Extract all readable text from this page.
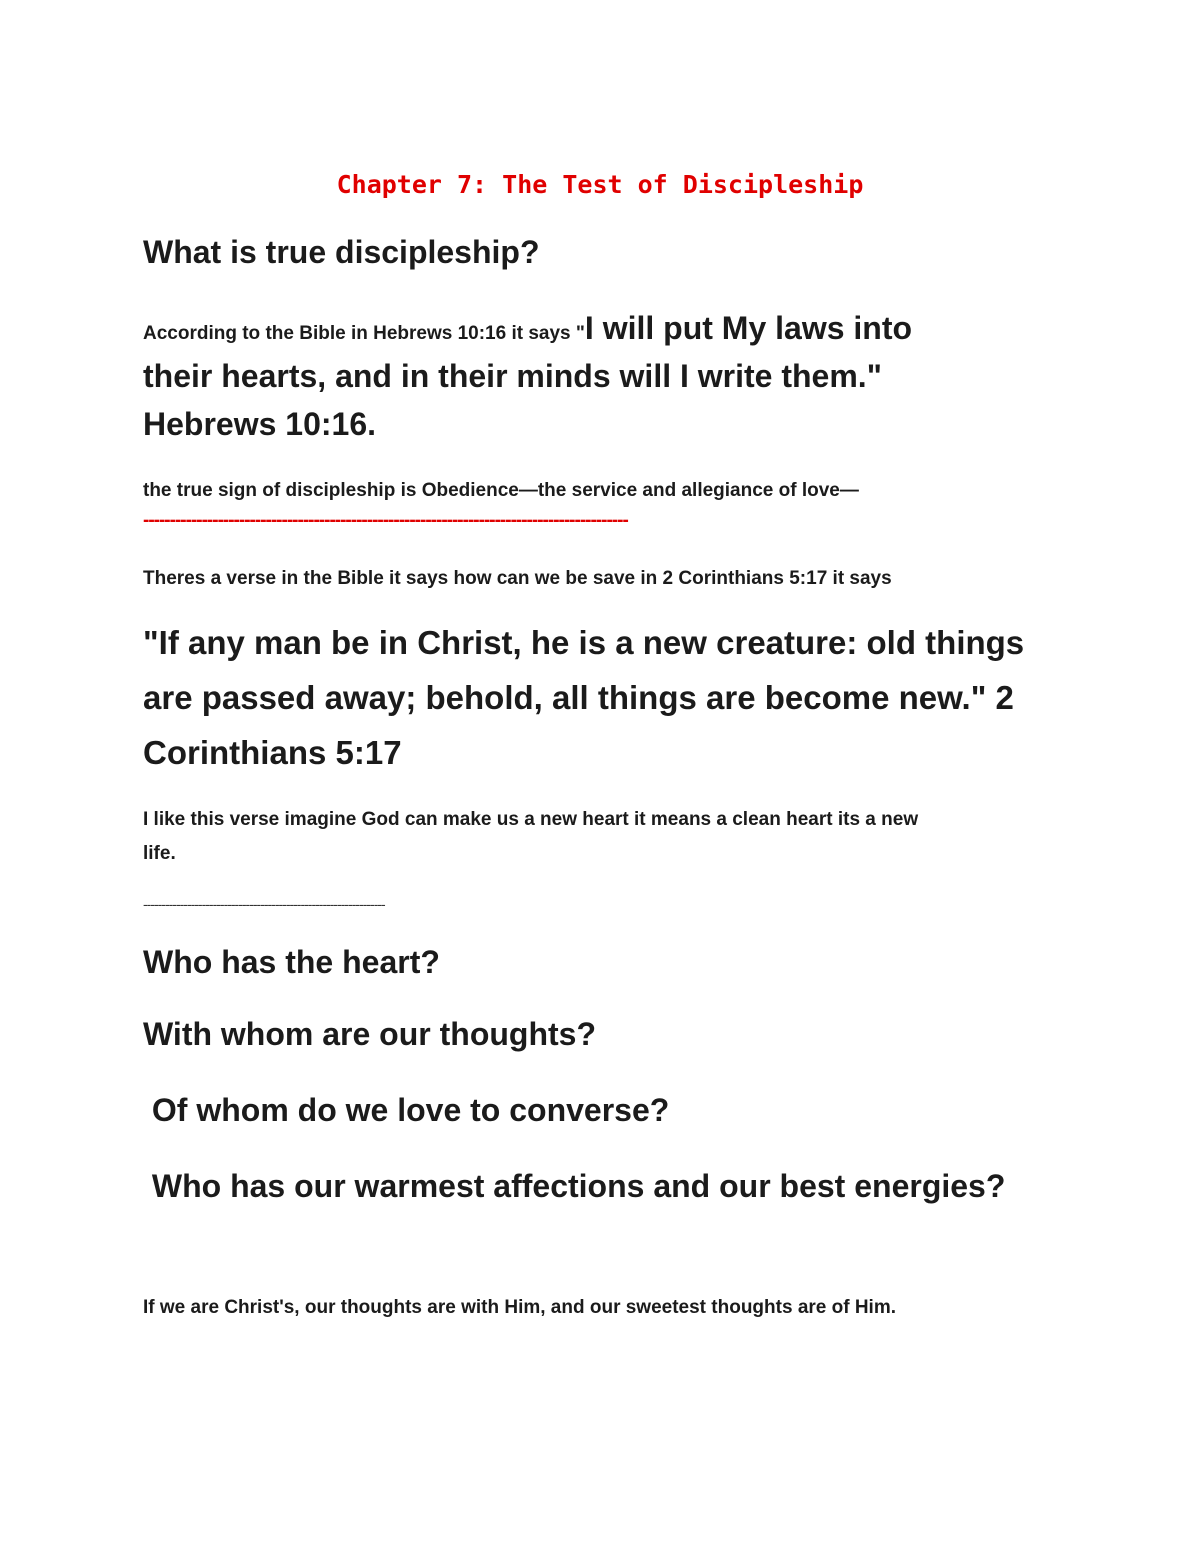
Chapter 7: The Test of Discipleship

What is true discipleship?

According to the Bible in Hebrews 10:16 it says "I will put My laws into

their hearts, and in their minds will I write them."

Hebrews 10:16.

the true sign of discipleship is Obedience—the service and allegiance of love—

-------------------------------------------------------------------------------------------

Theres a verse in the Bible it says how can we be save in 2 Corinthians 5:17 it says

"If any man be in Christ, he is a new creature: old things

are passed away; behold, all things are become new." 2

Corinthians 5:17

I like this verse imagine God can make us a new heart it means a clean heart its a new

life.

------------------------------------------------------------------

Who has the heart?

With whom are our thoughts?

Of whom do we love to converse?

Who has our warmest affections and our best energies?

If we are Christ's, our thoughts are with Him, and our sweetest thoughts are of Him.
